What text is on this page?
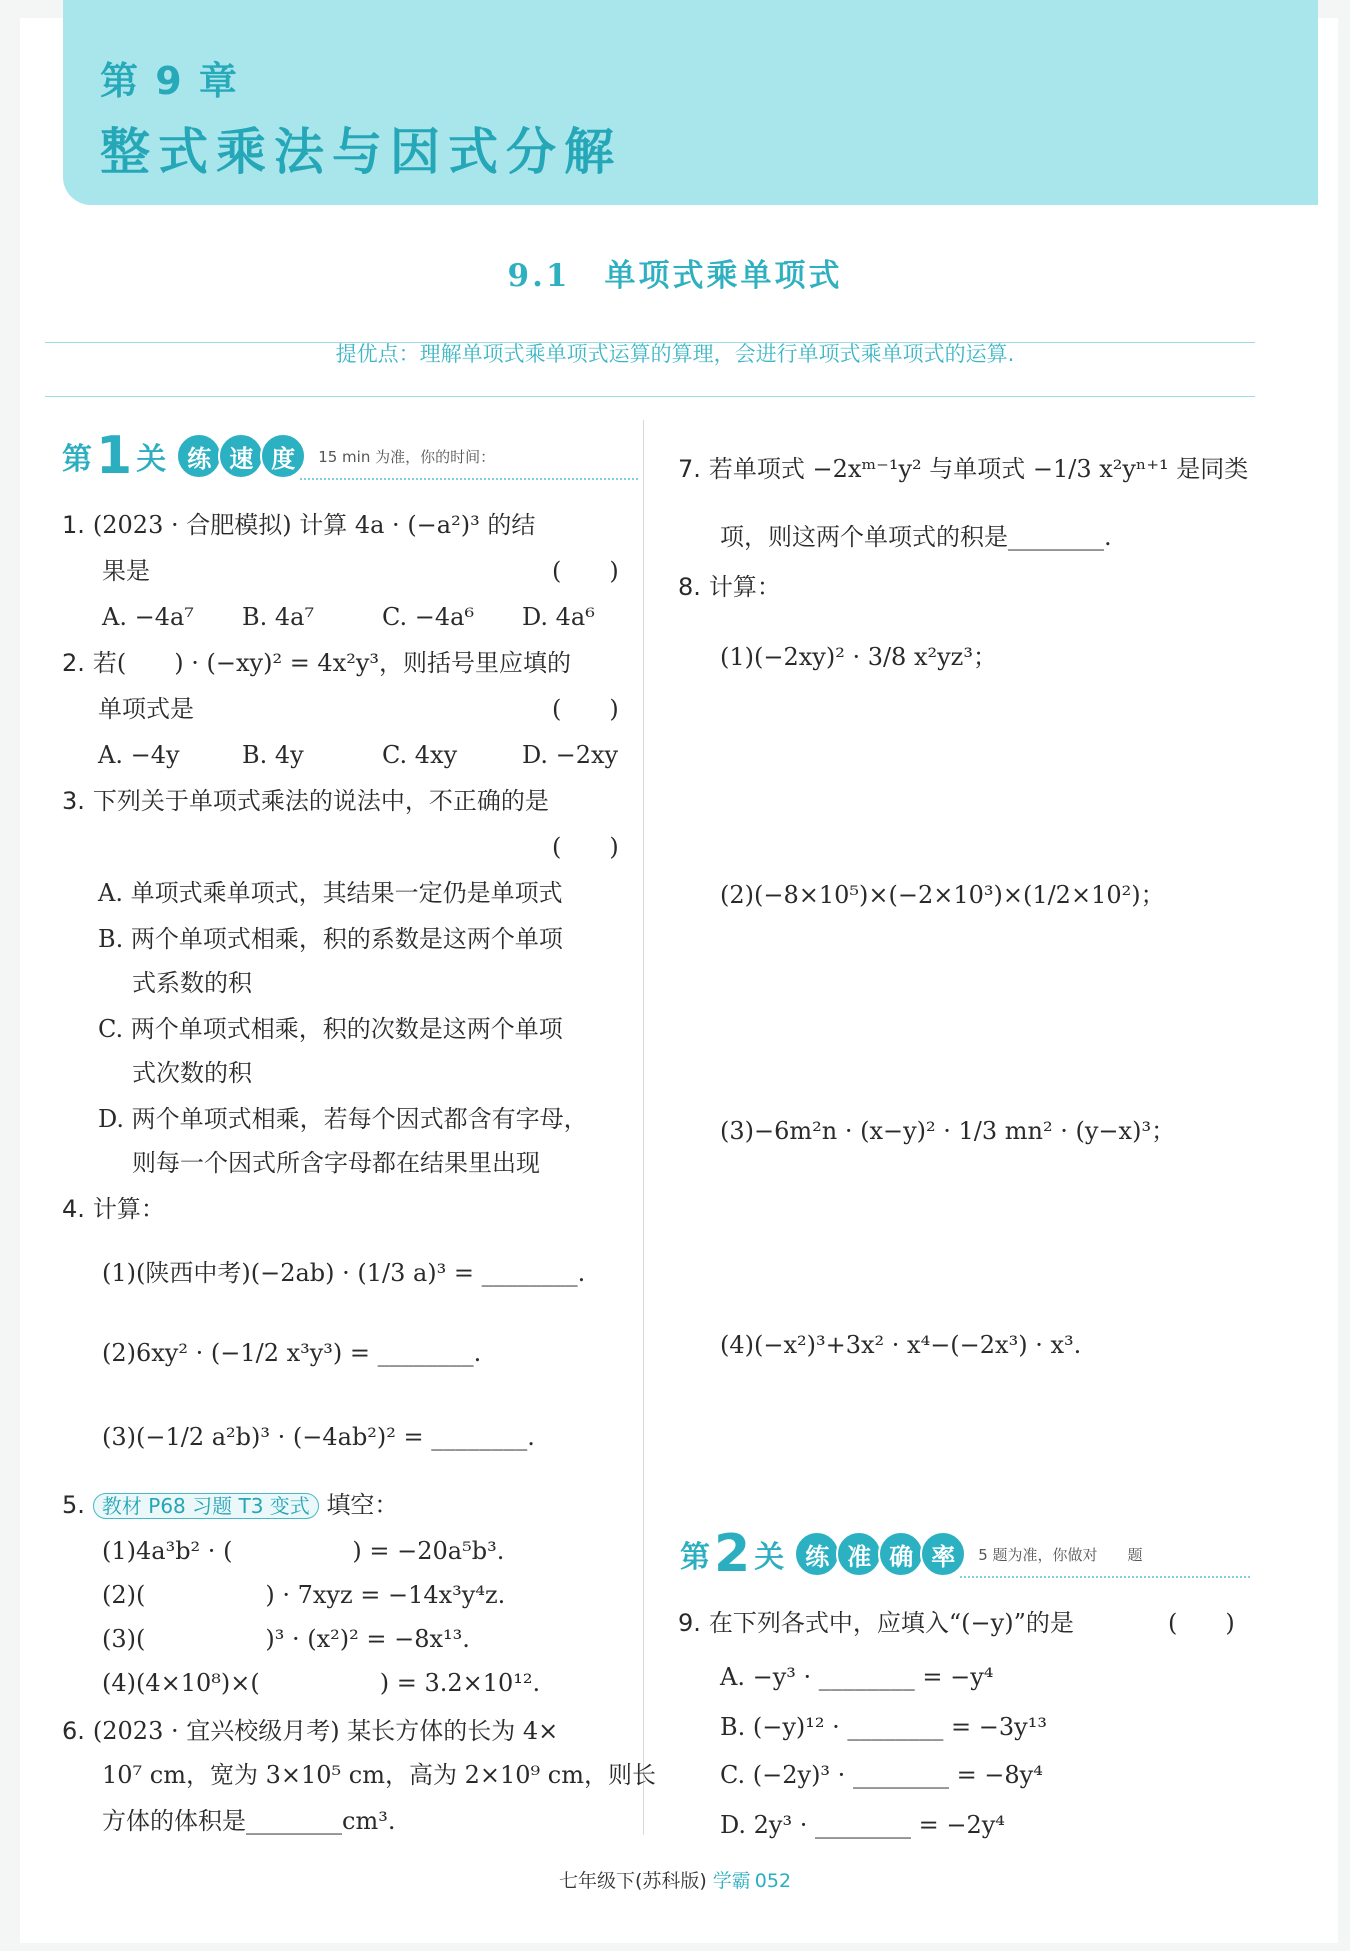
第 9 章
整式乘法与因式分解
9.1　单项式乘单项式
提优点：理解单项式乘单项式运算的算理，会进行单项式乘单项式的运算.
第 1 关 练 速 度	15 min 为准，你的时间：
1. (2023 · 合肥模拟) 计算 4a · (−a²)³ 的结
果是	(　　)
A. −4a⁷ B. 4a⁷	C. −4a⁶ D. 4a⁶
2. 若(　　) · (−xy)² = 4x²y³，则括号里应填的
单项式是	(　　)
A. −4y	B. 4y	C. 4xy	D. −2xy
3. 下列关于单项式乘法的说法中，不正确的是
(　　)
A. 单项式乘单项式，其结果一定仍是单项式
B. 两个单项式相乘，积的系数是这两个单项
式系数的积
C. 两个单项式相乘，积的次数是这两个单项
式次数的积
D. 两个单项式相乘，若每个因式都含有字母，
则每一个因式所含字母都在结果里出现
4. 计算：
(1)(陕西中考)(−2ab) · (1/3 a)³ = ________.
(2)6xy² · (−1/2 x³y³) = ________.
(3)(−1/2 a²b)³ · (−4ab²)² = ________.
5. 教材 P68 习题 T3 变式 填空：
(1)4a³b² · (　　　　　) = −20a⁵b³.
(2)(　　　　　) · 7xyz = −14x³y⁴z.
(3)(　　　　　)³ · (x²)² = −8x¹³.
(4)(4×10⁸)×(　　　　　) = 3.2×10¹².
6. (2023 · 宜兴校级月考) 某长方体的长为 4×
10⁷ cm，宽为 3×10⁵ cm，高为 2×10⁹ cm，则长
方体的体积是________cm³.
7. 若单项式 −2xᵐ⁻¹y² 与单项式 −1/3 x²yⁿ⁺¹ 是同类
项，则这两个单项式的积是________.
8. 计算：
(1)(−2xy)² · 3/8 x²yz³；
(2)(−8×10⁵)×(−2×10³)×(1/2×10²)；
(3)−6m²n · (x−y)² · 1/3 mn² · (y−x)³；
(4)(−x²)³+3x² · x⁴−(−2x³) · x³.
第 2 关 练 准 确 率	5 题为准，你做对　　题
9. 在下列各式中，应填入“(−y)”的是	(　　)
A. −y³ · ________ = −y⁴
B. (−y)¹² · ________ = −3y¹³
C. (−2y)³ · ________ = −8y⁴
D. 2y³ · ________ = −2y⁴
七年级下(苏科版) 学霸 052
